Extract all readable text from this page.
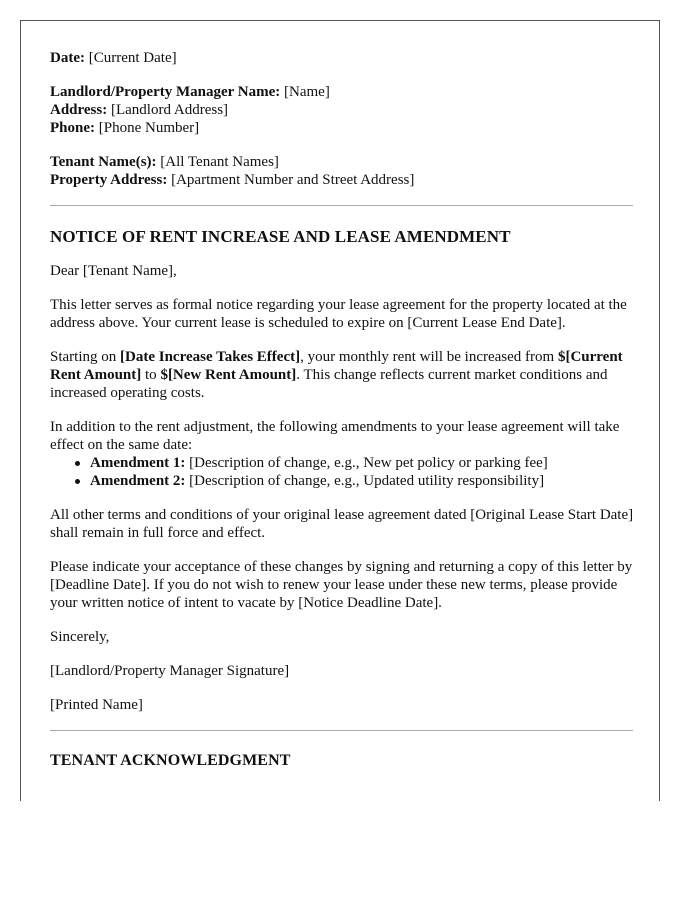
Date: [Current Date]

Landlord/Property Manager Name: [Name]

Address: [Landlord Address]

Phone: [Phone Number]

Tenant Name(s): [All Tenant Names]

Property Address: [Apartment Number and Street Address]

NOTICE OF RENT INCREASE AND LEASE AMENDMENT

Dear [Tenant Name],

This letter serves as formal notice regarding your lease agreement for the property located at the address above. Your current lease is scheduled to expire on [Current Lease End Date].

Starting on [Date Increase Takes Effect], your monthly rent will be increased from $[Current Rent Amount] to $[New Rent Amount]. This change reflects current market conditions and increased operating costs.

In addition to the rent adjustment, the following amendments to your lease agreement will take effect on the same date:

Amendment 1: [Description of change, e.g., New pet policy or parking fee]
Amendment 2: [Description of change, e.g., Updated utility responsibility]

All other terms and conditions of your original lease agreement dated [Original Lease Start Date] shall remain in full force and effect.

Please indicate your acceptance of these changes by signing and returning a copy of this letter by [Deadline Date]. If you do not wish to renew your lease under these new terms, please provide your written notice of intent to vacate by [Notice Deadline Date].

Sincerely,

[Landlord/Property Manager Signature]

[Printed Name]

TENANT ACKNOWLEDGMENT
